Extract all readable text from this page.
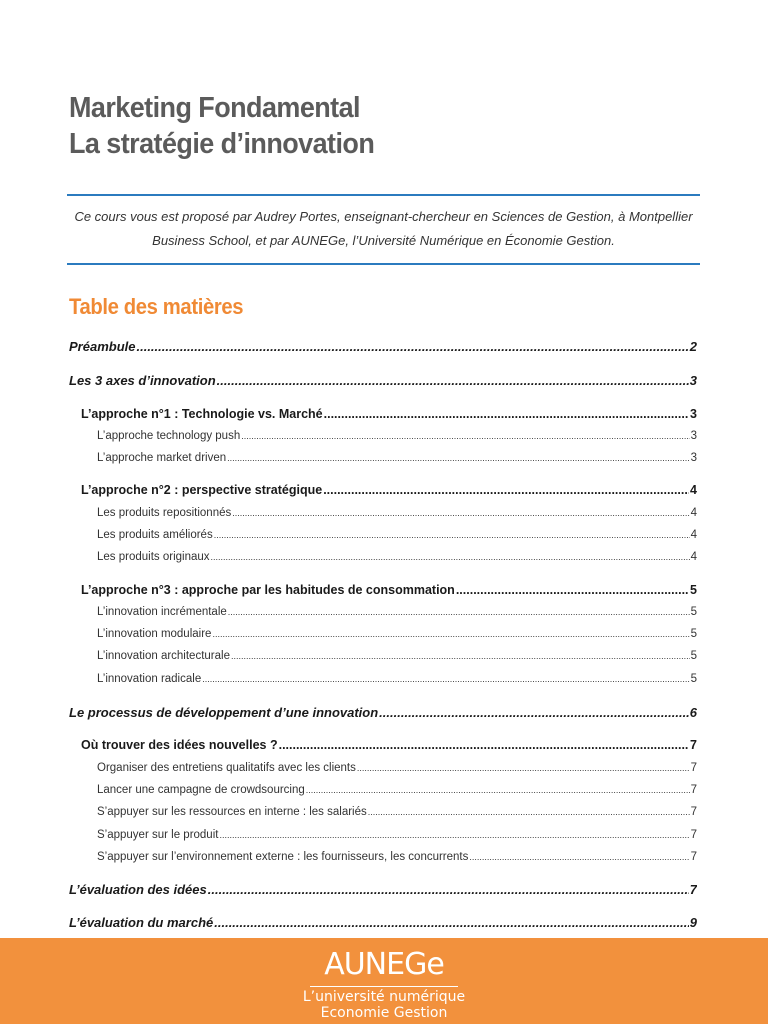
Marketing Fondamental
La stratégie d’innovation
Ce cours vous est proposé par Audrey Portes, enseignant-chercheur en Sciences de Gestion, à Montpellier Business School, et par AUNEGe, l’Université Numérique en Économie Gestion.
Table des matières
Préambule .....	2
Les 3 axes d’innovation .....	3
L’approche n°1 : Technologie vs. Marché .....	3
L’approche technology push .....	3
L’approche market driven .....	3
L’approche n°2 : perspective stratégique .....	4
Les produits repositionnés .....	4
Les produits améliorés .....	4
Les produits originaux .....	4
L’approche n°3 : approche par les habitudes de consommation .....	5
L’innovation incrémentale .....	5
L’innovation modulaire .....	5
L’innovation architecturale .....	5
L’innovation radicale .....	5
Le processus de développement d’une innovation .....	6
Où trouver des idées nouvelles ? .....	7
Organiser des entretiens qualitatifs avec les clients .....	7
Lancer une campagne de crowdsourcing .....	7
S’appuyer sur les ressources en interne : les salariés .....	7
S’appuyer sur le produit .....	7
S’appuyer sur l’environnement externe : les fournisseurs, les concurrents .....	7
L’évaluation des idées .....	7
L’évaluation du marché .....	9
AUNEGe
L’université numérique
Economie Gestion
